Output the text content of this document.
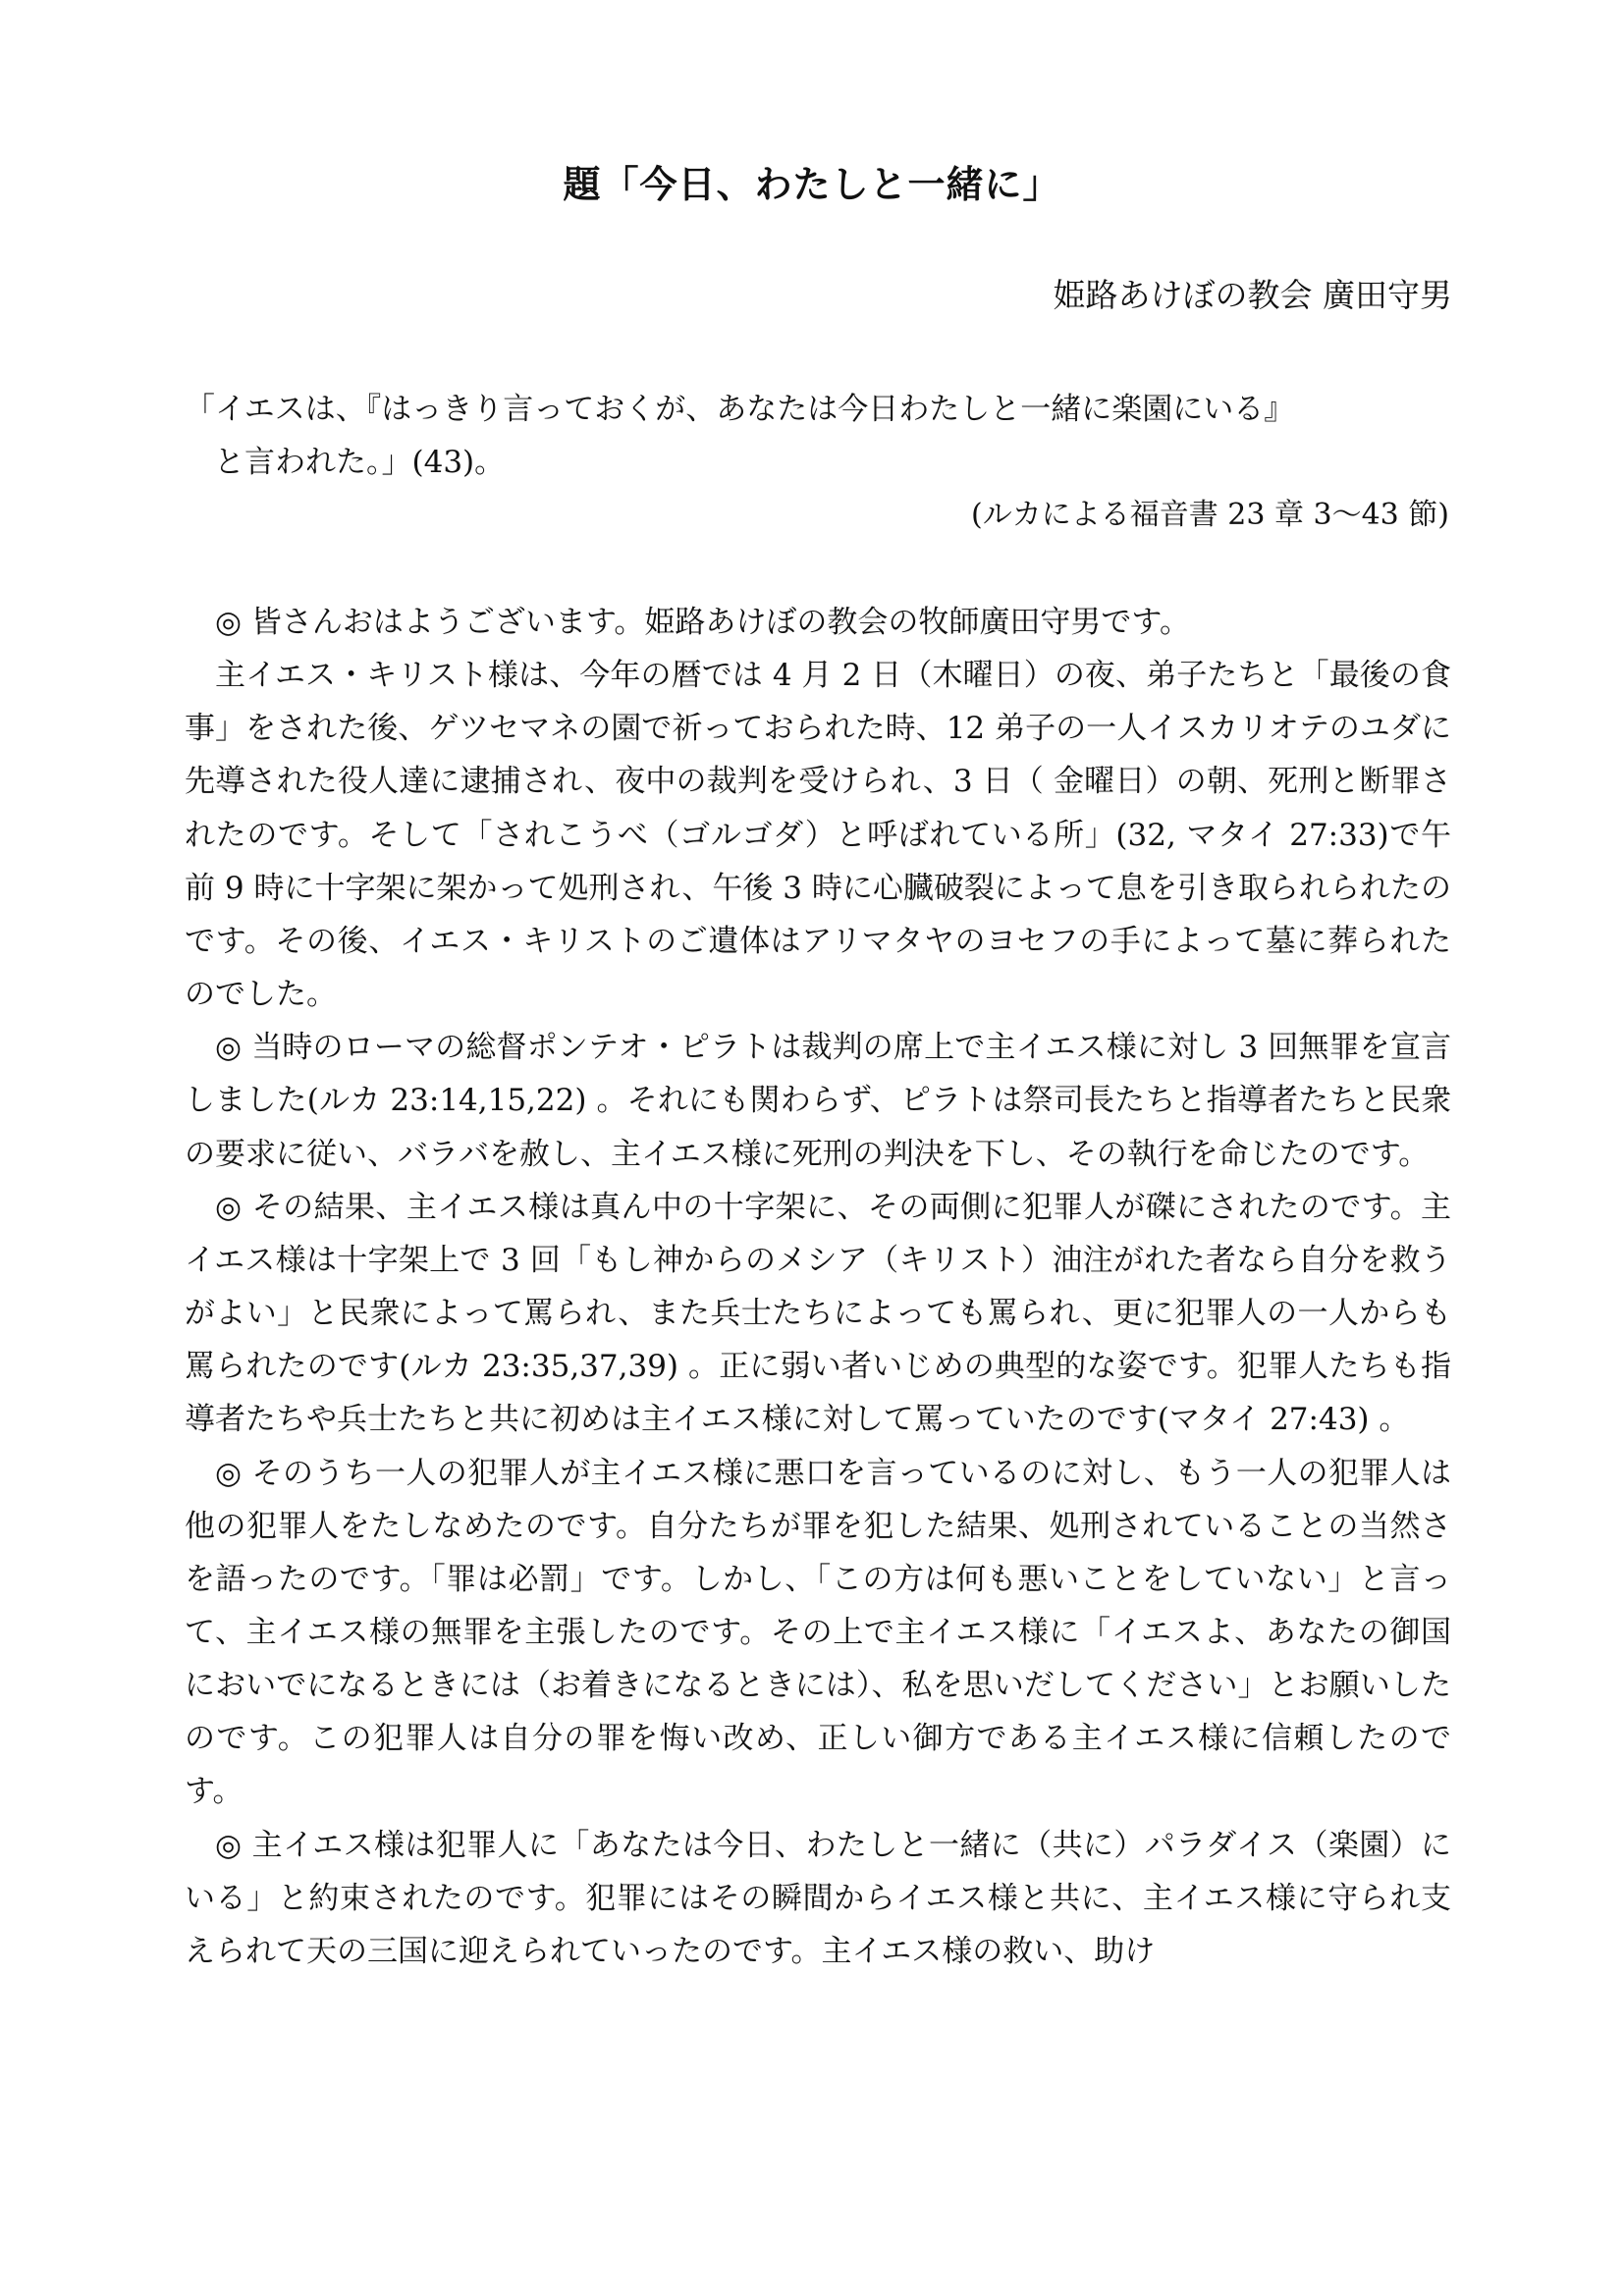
題「今日、わたしと一緒に」
姫路あけぼの教会 廣田守男
「イエスは、『はっきり言っておくが、あなたは今日わたしと一緒に楽園にいる』
と言われた。」(43)。
(ルカによる福音書 23 章 3～43 節)

◎ 皆さんおはようございます。姫路あけぼの教会の牧師廣田守男です。

主イエス・キリスト様は、今年の暦では 4 月 2 日（木曜日）の夜、弟子たちと「最後の食事」をされた後、ゲツセマネの園で祈っておられた時、12 弟子の一人イスカリオテのユダに先導された役人達に逮捕され、夜中の裁判を受けられ、3 日（ 金曜日）の朝、死刑と断罪されたのです。そして「されこうべ（ゴルゴダ）と呼ばれている所」(32, マタイ 27:33)で午前 9 時に十字架に架かって処刑され、午後 3 時に心臓破裂によって息を引き取られられたのです。その後、イエス・キリストのご遺体はアリマタヤのヨセフの手によって墓に葬られたのでした。

◎ 当時のローマの総督ポンテオ・ピラトは裁判の席上で主イエス様に対し 3 回無罪を宣言しました(ルカ 23:14,15,22) 。それにも関わらず、ピラトは祭司長たちと指導者たちと民衆の要求に従い、バラバを赦し、主イエス様に死刑の判決を下し、その執行を命じたのです。

◎ その結果、主イエス様は真ん中の十字架に、その両側に犯罪人が磔にされたのです。主イエス様は十字架上で 3 回「もし神からのメシア（キリスト）油注がれた者なら自分を救うがよい」と民衆によって罵られ、また兵士たちによっても罵られ、更に犯罪人の一人からも罵られたのです(ルカ 23:35,37,39) 。正に弱い者いじめの典型的な姿です。犯罪人たちも指導者たちや兵士たちと共に初めは主イエス様に対して罵っていたのです(マタイ 27:43) 。

◎ そのうち一人の犯罪人が主イエス様に悪口を言っているのに対し、もう一人の犯罪人は他の犯罪人をたしなめたのです。自分たちが罪を犯した結果、処刑されていることの当然さを語ったのです。「罪は必罰」です。しかし、「この方は何も悪いことをしていない」と言って、主イエス様の無罪を主張したのです。その上で主イエス様に「イエスよ、あなたの御国においでになるときには（お着きになるときには）、私を思いだしてください」とお願いしたのです。この犯罪人は自分の罪を悔い改め、正しい御方である主イエス様に信頼したのです。

◎ 主イエス様は犯罪人に「あなたは今日、わたしと一緒に（共に）パラダイス（楽園）にいる」と約束されたのです。犯罪にはその瞬間からイエス様と共に、主イエス様に守られ支えられて天の三国に迎えられていったのです。主イエス様の救い、助け
